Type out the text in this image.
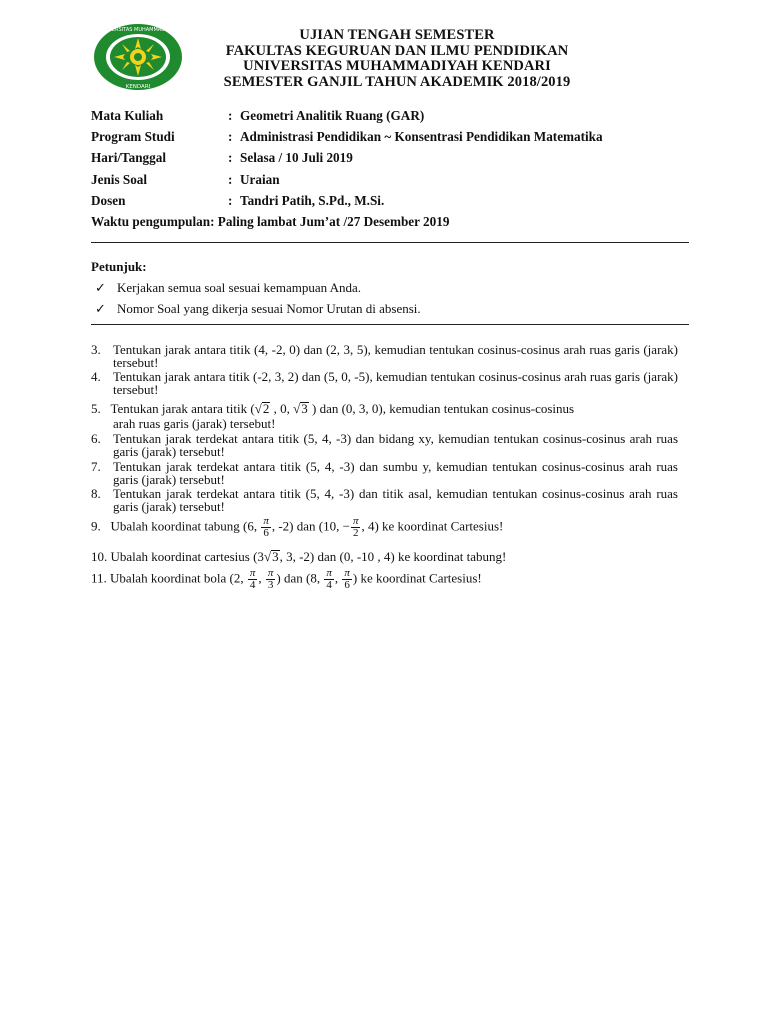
UNIVERSITAS MUHAMMADIYAH
KENDARI
UJIAN TENGAH SEMESTER
FAKULTAS KEGURUAN DAN ILMU PENDIDIKAN
UNIVERSITAS MUHAMMADIYAH KENDARI
SEMESTER GANJIL TAHUN AKADEMIK 2018/2019
Mata Kuliah	: Geometri Analitik Ruang (GAR)
Program Studi	: Administrasi Pendidikan ~ Konsentrasi Pendidikan Matematika
Hari/Tanggal	: Selasa / 10 Juli 2019
Jenis Soal	: Uraian
Dosen	: Tandri Patih, S.Pd., M.Si.
Waktu pengumpulan: Paling lambat Jum’at /27 Desember 2019
Petunjuk:
✓ Kerjakan semua soal sesuai kemampuan Anda.
✓ Nomor Soal yang dikerja sesuai Nomor Urutan di absensi.
3. Tentukan jarak antara titik (4, -2, 0) dan (2, 3, 5), kemudian tentukan cosinus-cosinus arah ruas garis (jarak) tersebut!
4. Tentukan jarak antara titik (-2, 3, 2) dan (5, 0, -5), kemudian tentukan cosinus-cosinus arah ruas garis (jarak) tersebut!
5. Tentukan jarak antara titik (√2 , 0, √3 ) dan (0, 3, 0), kemudian tentukan cosinus-cosinus
arah ruas garis (jarak) tersebut!
6. Tentukan jarak terdekat antara titik (5, 4, -3) dan bidang xy, kemudian tentukan cosinus-cosinus arah ruas garis (jarak) tersebut!
7. Tentukan jarak terdekat antara titik (5, 4, -3) dan sumbu y, kemudian tentukan cosinus-cosinus arah ruas garis (jarak) tersebut!
8. Tentukan jarak terdekat antara titik (5, 4, -3) dan titik asal, kemudian tentukan cosinus-cosinus arah ruas garis (jarak) tersebut!
9. Ubalah koordinat tabung (6, $\frac{\pi}{6}$ , -2) dan (10, − $\frac{\pi}{2}$ , 4) ke koordinat Cartesius!
10. Ubalah koordinat cartesius (3√3, 3, -2) dan (0, -10 , 4) ke koordinat tabung!
11. Ubalah koordinat bola (2, $\frac{\pi}{4}$ , $\frac{\pi}{3}$ ) dan (8, $\frac{\pi}{4}$ , $\frac{\pi}{6}$ ) ke koordinat Cartesius!
